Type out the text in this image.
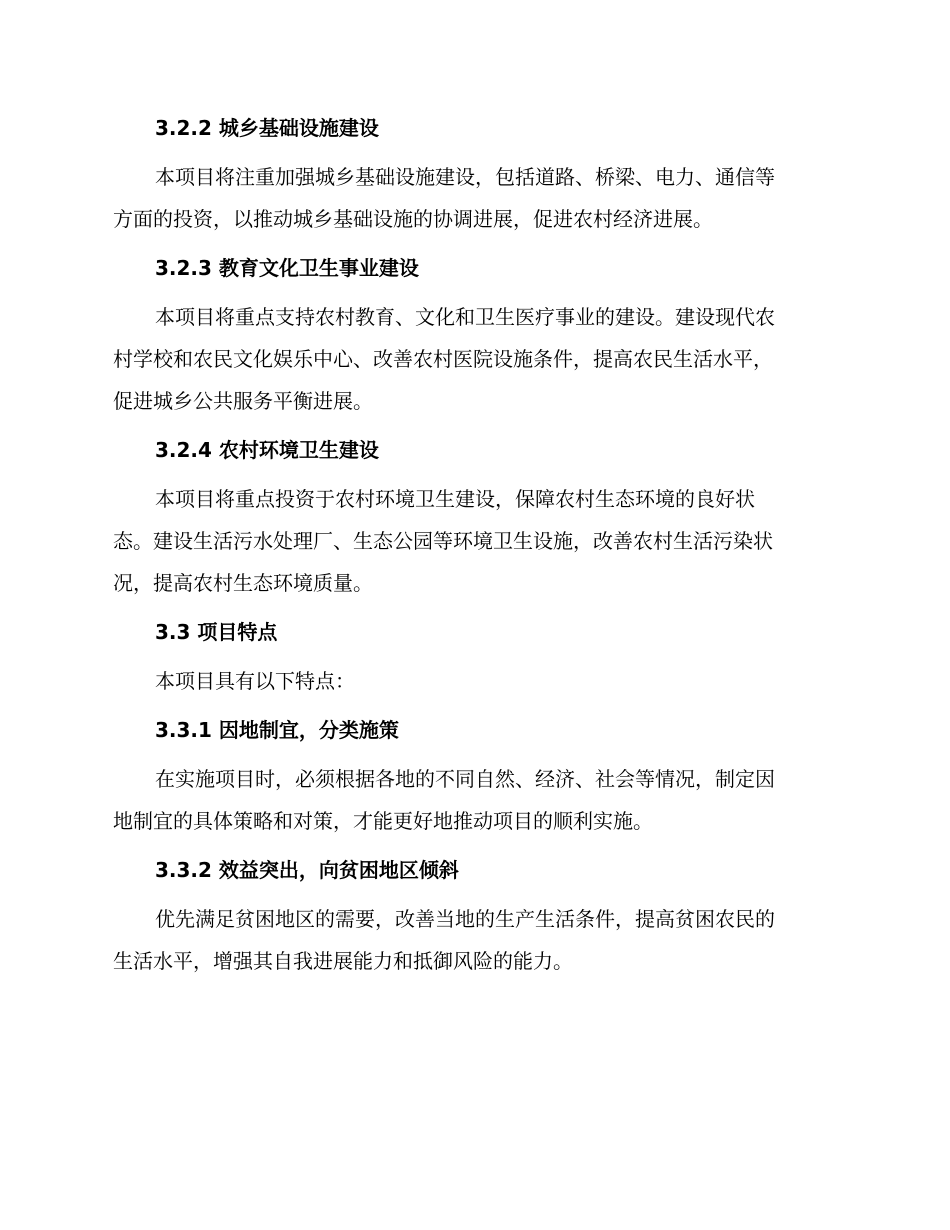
3.2.2 城乡基础设施建设

本项目将注重加强城乡基础设施建设，包括道路、桥梁、电力、通信等
方面的投资，以推动城乡基础设施的协调进展，促进农村经济进展。

3.2.3 教育文化卫生事业建设

本项目将重点支持农村教育、文化和卫生医疗事业的建设。建设现代农
村学校和农民文化娱乐中心、改善农村医院设施条件，提高农民生活水平，
促进城乡公共服务平衡进展。

3.2.4 农村环境卫生建设

本项目将重点投资于农村环境卫生建设，保障农村生态环境的良好状
态。建设生活污水处理厂、生态公园等环境卫生设施，改善农村生活污染状
况，提高农村生态环境质量。

3.3 项目特点

本项目具有以下特点：

3.3.1 因地制宜，分类施策

在实施项目时，必须根据各地的不同自然、经济、社会等情况，制定因
地制宜的具体策略和对策，才能更好地推动项目的顺利实施。

3.3.2 效益突出，向贫困地区倾斜

优先满足贫困地区的需要，改善当地的生产生活条件，提高贫困农民的
生活水平，增强其自我进展能力和抵御风险的能力。
